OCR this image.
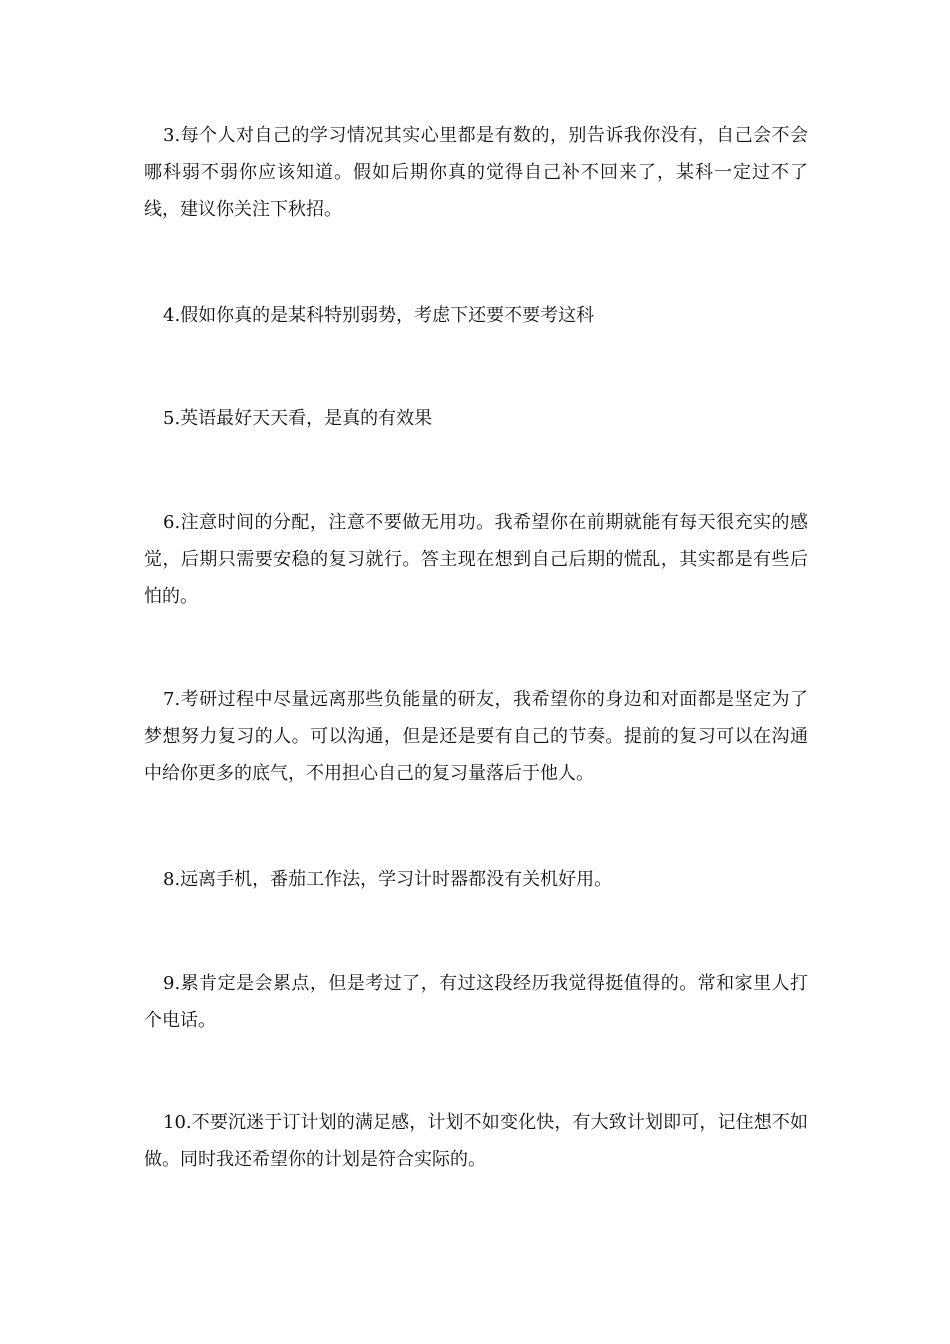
3.每个人对自己的学习情况其实心里都是有数的，别告诉我你没有，自己会不会哪科弱不弱你应该知道。假如后期你真的觉得自己补不回来了，某科一定过不了线，建议你关注下秋招。

4.假如你真的是某科特别弱势，考虑下还要不要考这科

5.英语最好天天看，是真的有效果

6.注意时间的分配，注意不要做无用功。我希望你在前期就能有每天很充实的感觉，后期只需要安稳的复习就行。答主现在想到自己后期的慌乱，其实都是有些后怕的。

7.考研过程中尽量远离那些负能量的研友，我希望你的身边和对面都是坚定为了梦想努力复习的人。可以沟通，但是还是要有自己的节奏。提前的复习可以在沟通中给你更多的底气，不用担心自己的复习量落后于他人。

8.远离手机，番茄工作法，学习计时器都没有关机好用。

9.累肯定是会累点，但是考过了，有过这段经历我觉得挺值得的。常和家里人打个电话。

10.不要沉迷于订计划的满足感，计划不如变化快，有大致计划即可，记住想不如做。同时我还希望你的计划是符合实际的。
